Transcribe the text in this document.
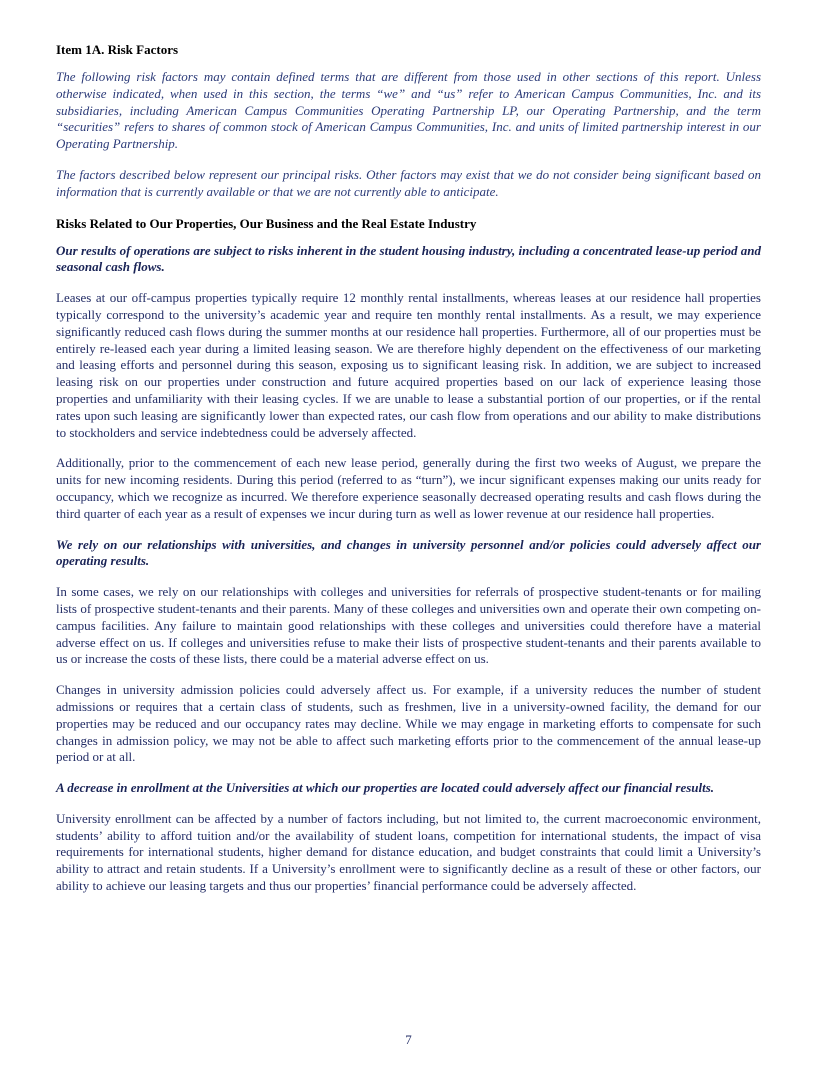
Item 1A. Risk Factors

The following risk factors may contain defined terms that are different from those used in other sections of this report. Unless otherwise indicated, when used in this section, the terms “we” and “us” refer to American Campus Communities, Inc. and its subsidiaries, including American Campus Communities Operating Partnership LP, our Operating Partnership, and the term “securities” refers to shares of common stock of American Campus Communities, Inc. and units of limited partnership interest in our Operating Partnership.

The factors described below represent our principal risks. Other factors may exist that we do not consider being significant based on information that is currently available or that we are not currently able to anticipate.

Risks Related to Our Properties, Our Business and the Real Estate Industry

Our results of operations are subject to risks inherent in the student housing industry, including a concentrated lease-up period and seasonal cash flows.

Leases at our off-campus properties typically require 12 monthly rental installments, whereas leases at our residence hall properties typically correspond to the university’s academic year and require ten monthly rental installments. As a result, we may experience significantly reduced cash flows during the summer months at our residence hall properties. Furthermore, all of our properties must be entirely re-leased each year during a limited leasing season. We are therefore highly dependent on the effectiveness of our marketing and leasing efforts and personnel during this season, exposing us to significant leasing risk. In addition, we are subject to increased leasing risk on our properties under construction and future acquired properties based on our lack of experience leasing those properties and unfamiliarity with their leasing cycles. If we are unable to lease a substantial portion of our properties, or if the rental rates upon such leasing are significantly lower than expected rates, our cash flow from operations and our ability to make distributions to stockholders and service indebtedness could be adversely affected.

Additionally, prior to the commencement of each new lease period, generally during the first two weeks of August, we prepare the units for new incoming residents. During this period (referred to as “turn”), we incur significant expenses making our units ready for occupancy, which we recognize as incurred. We therefore experience seasonally decreased operating results and cash flows during the third quarter of each year as a result of expenses we incur during turn as well as lower revenue at our residence hall properties.

We rely on our relationships with universities, and changes in university personnel and/or policies could adversely affect our operating results.

In some cases, we rely on our relationships with colleges and universities for referrals of prospective student-tenants or for mailing lists of prospective student-tenants and their parents. Many of these colleges and universities own and operate their own competing on-campus facilities. Any failure to maintain good relationships with these colleges and universities could therefore have a material adverse effect on us. If colleges and universities refuse to make their lists of prospective student-tenants and their parents available to us or increase the costs of these lists, there could be a material adverse effect on us.

Changes in university admission policies could adversely affect us. For example, if a university reduces the number of student admissions or requires that a certain class of students, such as freshmen, live in a university-owned facility, the demand for our properties may be reduced and our occupancy rates may decline. While we may engage in marketing efforts to compensate for such changes in admission policy, we may not be able to affect such marketing efforts prior to the commencement of the annual lease-up period or at all.

A decrease in enrollment at the Universities at which our properties are located could adversely affect our financial results.

University enrollment can be affected by a number of factors including, but not limited to, the current macroeconomic environment, students’ ability to afford tuition and/or the availability of student loans, competition for international students, the impact of visa requirements for international students, higher demand for distance education, and budget constraints that could limit a University’s ability to attract and retain students. If a University’s enrollment were to significantly decline as a result of these or other factors, our ability to achieve our leasing targets and thus our properties’ financial performance could be adversely affected.

7
